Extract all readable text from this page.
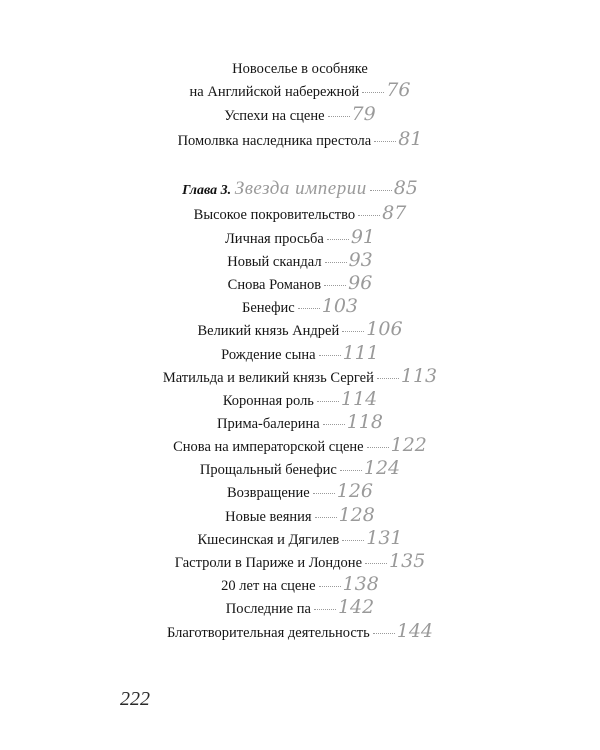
Новоселье в особняке
на Английской набережной 76
Успехи на сцене 79
Помолвка наследника престола 81
Глава 3. Звезда империи 85
Высокое покровительство 87
Личная просьба 91
Новый скандал 93
Снова Романов 96
Бенефис 103
Великий князь Андрей 106
Рождение сына 111
Матильда и великий князь Сергей 113
Коронная роль 114
Прима-балерина 118
Снова на императорской сцене 122
Прощальный бенефис 124
Возвращение 126
Новые веяния 128
Кшесинская и Дягилев 131
Гастроли в Париже и Лондоне 135
20 лет на сцене 138
Последние па 142
Благотворительная деятельность 144
222
